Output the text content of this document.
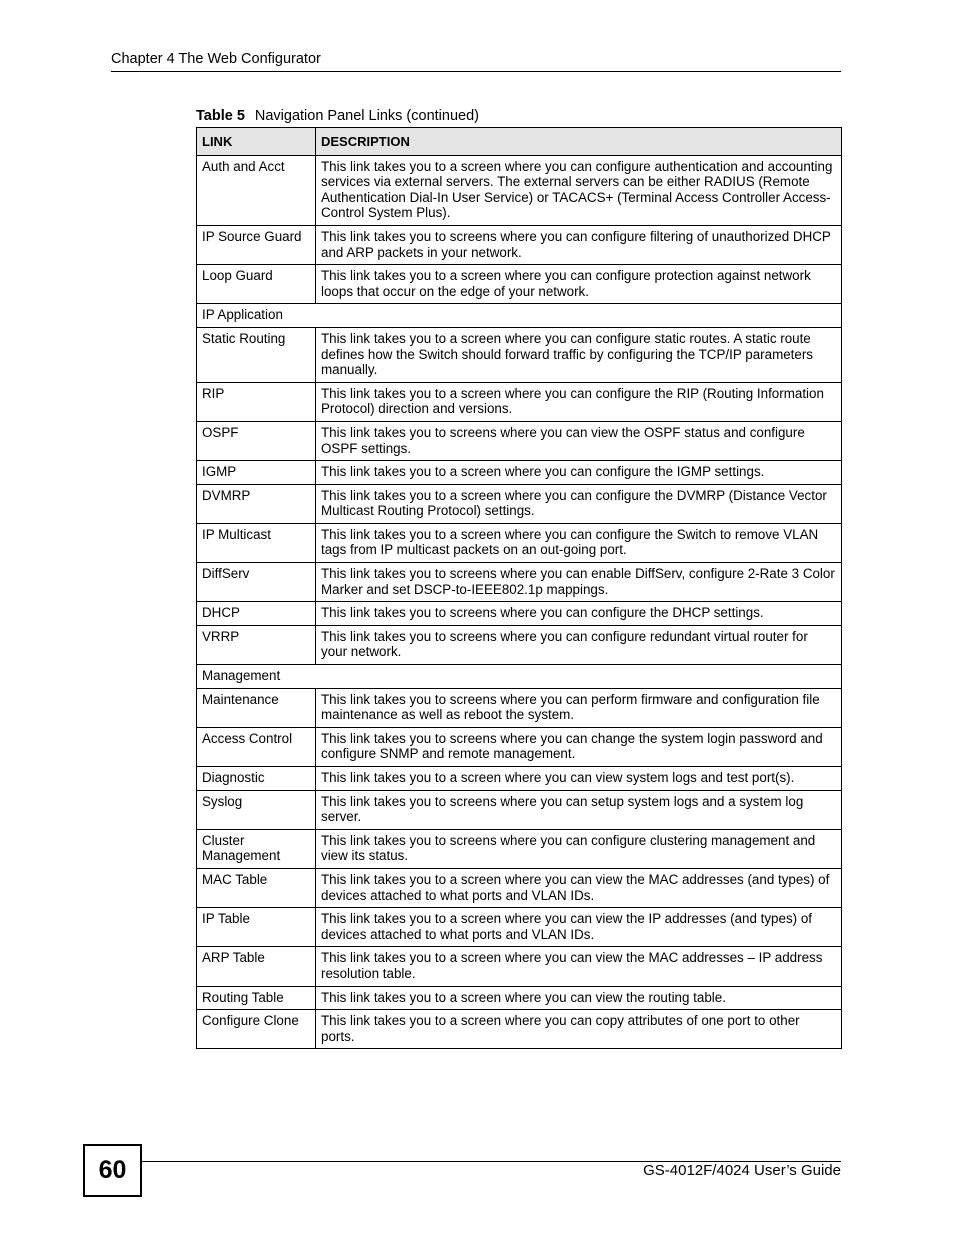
Chapter 4 The Web Configurator
Table 5 Navigation Panel Links (continued)
LINK	DESCRIPTION
Auth and Acct	This link takes you to a screen where you can configure authentication and accounting services via external servers. The external servers can be either RADIUS (Remote Authentication Dial-In User Service) or TACACS+ (Terminal Access Controller Access-Control System Plus).
IP Source Guard	This link takes you to screens where you can configure filtering of unauthorized DHCP and ARP packets in your network.
Loop Guard	This link takes you to a screen where you can configure protection against network loops that occur on the edge of your network.
IP Application	
Static Routing	This link takes you to a screen where you can configure static routes. A static route defines how the Switch should forward traffic by configuring the TCP/IP parameters manually.
RIP	This link takes you to a screen where you can configure the RIP (Routing Information Protocol) direction and versions.
OSPF	This link takes you to screens where you can view the OSPF status and configure OSPF settings.
IGMP	This link takes you to a screen where you can configure the IGMP settings.
DVMRP	This link takes you to a screen where you can configure the DVMRP (Distance Vector Multicast Routing Protocol) settings.
IP Multicast	This link takes you to a screen where you can configure the Switch to remove VLAN tags from IP multicast packets on an out-going port.
DiffServ	This link takes you to screens where you can enable DiffServ, configure 2-Rate 3 Color Marker and set DSCP-to-IEEE802.1p mappings.
DHCP	This link takes you to screens where you can configure the DHCP settings.
VRRP	This link takes you to screens where you can configure redundant virtual router for your network.
Management	
Maintenance	This link takes you to screens where you can perform firmware and configuration file maintenance as well as reboot the system.
Access Control	This link takes you to screens where you can change the system login password and configure SNMP and remote management.
Diagnostic	This link takes you to a screen where you can view system logs and test port(s).
Syslog	This link takes you to screens where you can setup system logs and a system log server.
Cluster Management	This link takes you to screens where you can configure clustering management and view its status.
MAC Table	This link takes you to a screen where you can view the MAC addresses (and types) of devices attached to what ports and VLAN IDs.
IP Table	This link takes you to a screen where you can view the IP addresses (and types) of devices attached to what ports and VLAN IDs.
ARP Table	This link takes you to a screen where you can view the MAC addresses – IP address resolution table.
Routing Table	This link takes you to a screen where you can view the routing table.
Configure Clone	This link takes you to a screen where you can copy attributes of one port to other ports.
60	GS-4012F/4024 User’s Guide
